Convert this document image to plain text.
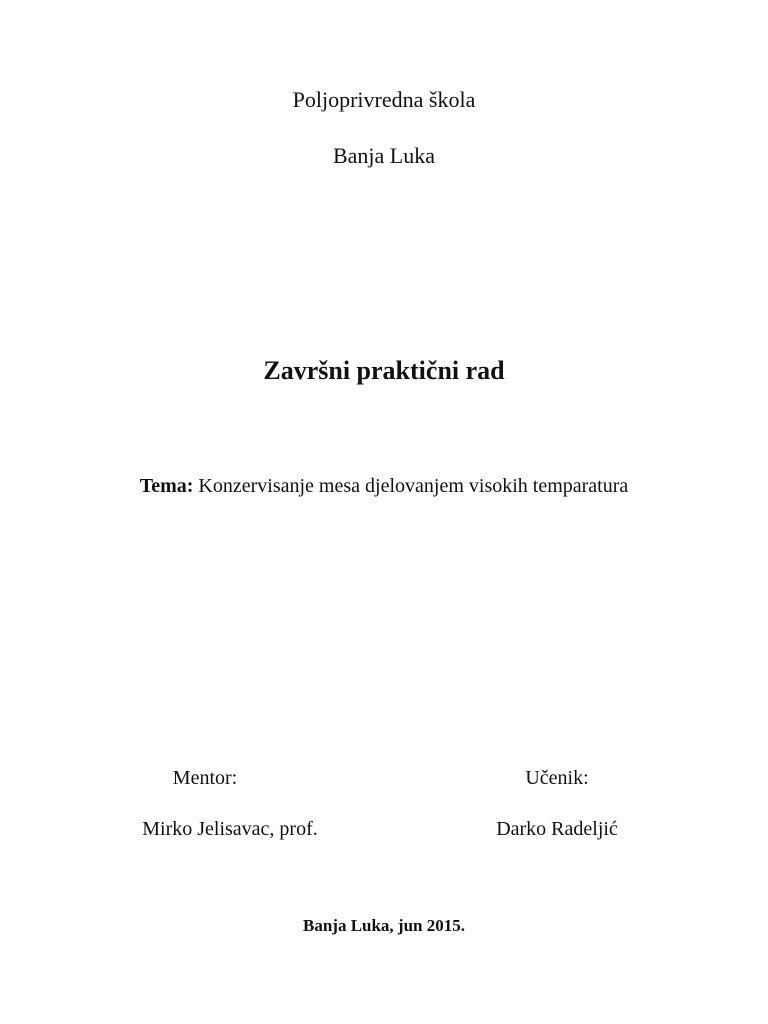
Poljoprivredna škola
Banja Luka
Završni praktični rad
Tema: Konzervisanje mesa djelovanjem visokih temparatura
Mentor:
Mirko Jelisavac, prof.
Učenik:
Darko Radeljić
Banja Luka, jun 2015.
